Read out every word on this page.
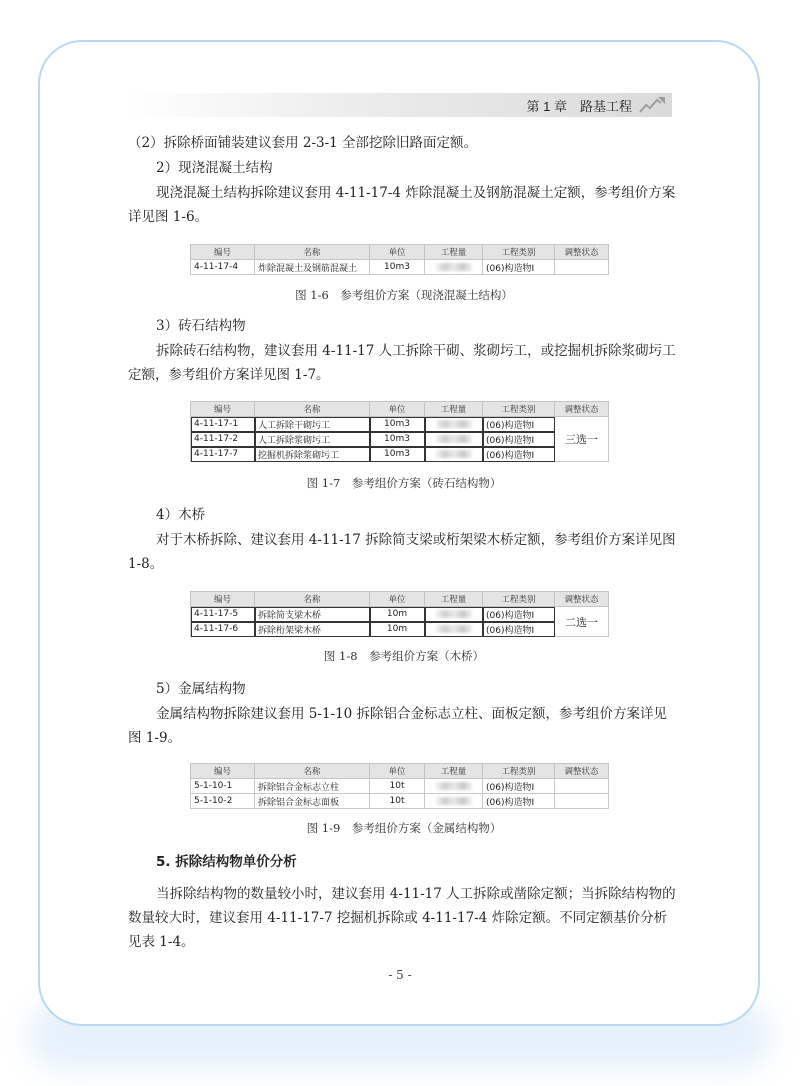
第 1 章　路基工程

（2）拆除桥面铺装建议套用 2-3-1 全部挖除旧路面定额。

2）现浇混凝土结构

现浇混凝土结构拆除建议套用 4-11-17-4 炸除混凝土及钢筋混凝土定额，参考组价方案详见图 1-6。

编号	名称	单位	工程量	工程类别	调整状态
4-11-17-4	炸除混凝土及钢筋混凝土	10m3		(06)构造物Ⅰ	
图 1-6　参考组价方案（现浇混凝土结构）

3）砖石结构物

拆除砖石结构物，建议套用 4-11-17 人工拆除干砌、浆砌圬工，或挖掘机拆除浆砌圬工定额，参考组价方案详见图 1-7。

编号	名称	单位	工程量	工程类别	调整状态
4-11-17-1	人工拆除干砌圬工	10m3		(06)构造物Ⅰ	三选一
4-11-17-2	人工拆除浆砌圬工	10m3		(06)构造物Ⅰ	
4-11-17-7	挖掘机拆除浆砌圬工	10m3		(06)构造物Ⅰ	
图 1-7　参考组价方案（砖石结构物）

4）木桥

对于木桥拆除、建议套用 4-11-17 拆除简支梁或桁架梁木桥定额，参考组价方案详见图 1-8。

编号	名称	单位	工程量	工程类别	调整状态
4-11-17-5	拆除简支梁木桥	10m		(06)构造物Ⅰ	二选一
4-11-17-6	拆除桁架梁木桥	10m		(06)构造物Ⅰ	
图 1-8　参考组价方案（木桥）

5）金属结构物

金属结构物拆除建议套用 5-1-10 拆除铝合金标志立柱、面板定额，参考组价方案详见图 1-9。

编号	名称	单位	工程量	工程类别	调整状态
5-1-10-1	拆除铝合金标志立柱	10t		(06)构造物Ⅰ	
5-1-10-2	拆除铝合金标志面板	10t		(06)构造物Ⅰ	
图 1-9　参考组价方案（金属结构物）
5. 拆除结构物单价分析

当拆除结构物的数量较小时，建议套用 4-11-17 人工拆除或凿除定额；当拆除结构物的数量较大时，建议套用 4-11-17-7 挖掘机拆除或 4-11-17-4 炸除定额。不同定额基价分析见表 1-4。

- 5 -
